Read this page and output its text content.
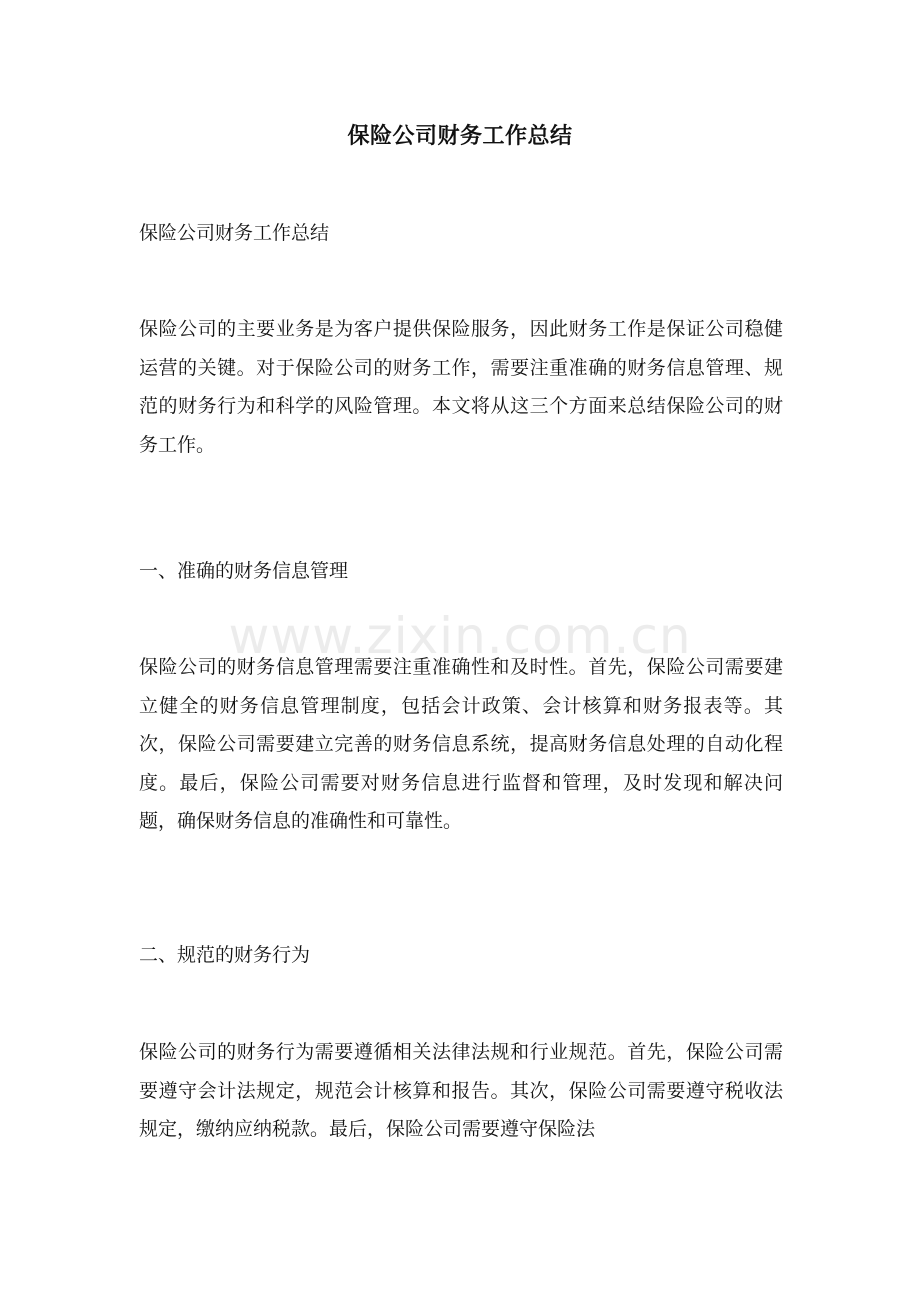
保险公司财务工作总结
保险公司财务工作总结
保险公司的主要业务是为客户提供保险服务，因此财务工作是保证公司稳健运营的关键。对于保险公司的财务工作，需要注重准确的财务信息管理、规范的财务行为和科学的风险管理。本文将从这三个方面来总结保险公司的财务工作。
一、准确的财务信息管理
保险公司的财务信息管理需要注重准确性和及时性。首先，保险公司需要建立健全的财务信息管理制度，包括会计政策、会计核算和财务报表等。其次，保险公司需要建立完善的财务信息系统，提高财务信息处理的自动化程度。最后，保险公司需要对财务信息进行监督和管理，及时发现和解决问题，确保财务信息的准确性和可靠性。
二、规范的财务行为
保险公司的财务行为需要遵循相关法律法规和行业规范。首先，保险公司需要遵守会计法规定，规范会计核算和报告。其次，保险公司需要遵守税收法规定，缴纳应纳税款。最后，保险公司需要遵守保险法
www.zixin.com.cn
